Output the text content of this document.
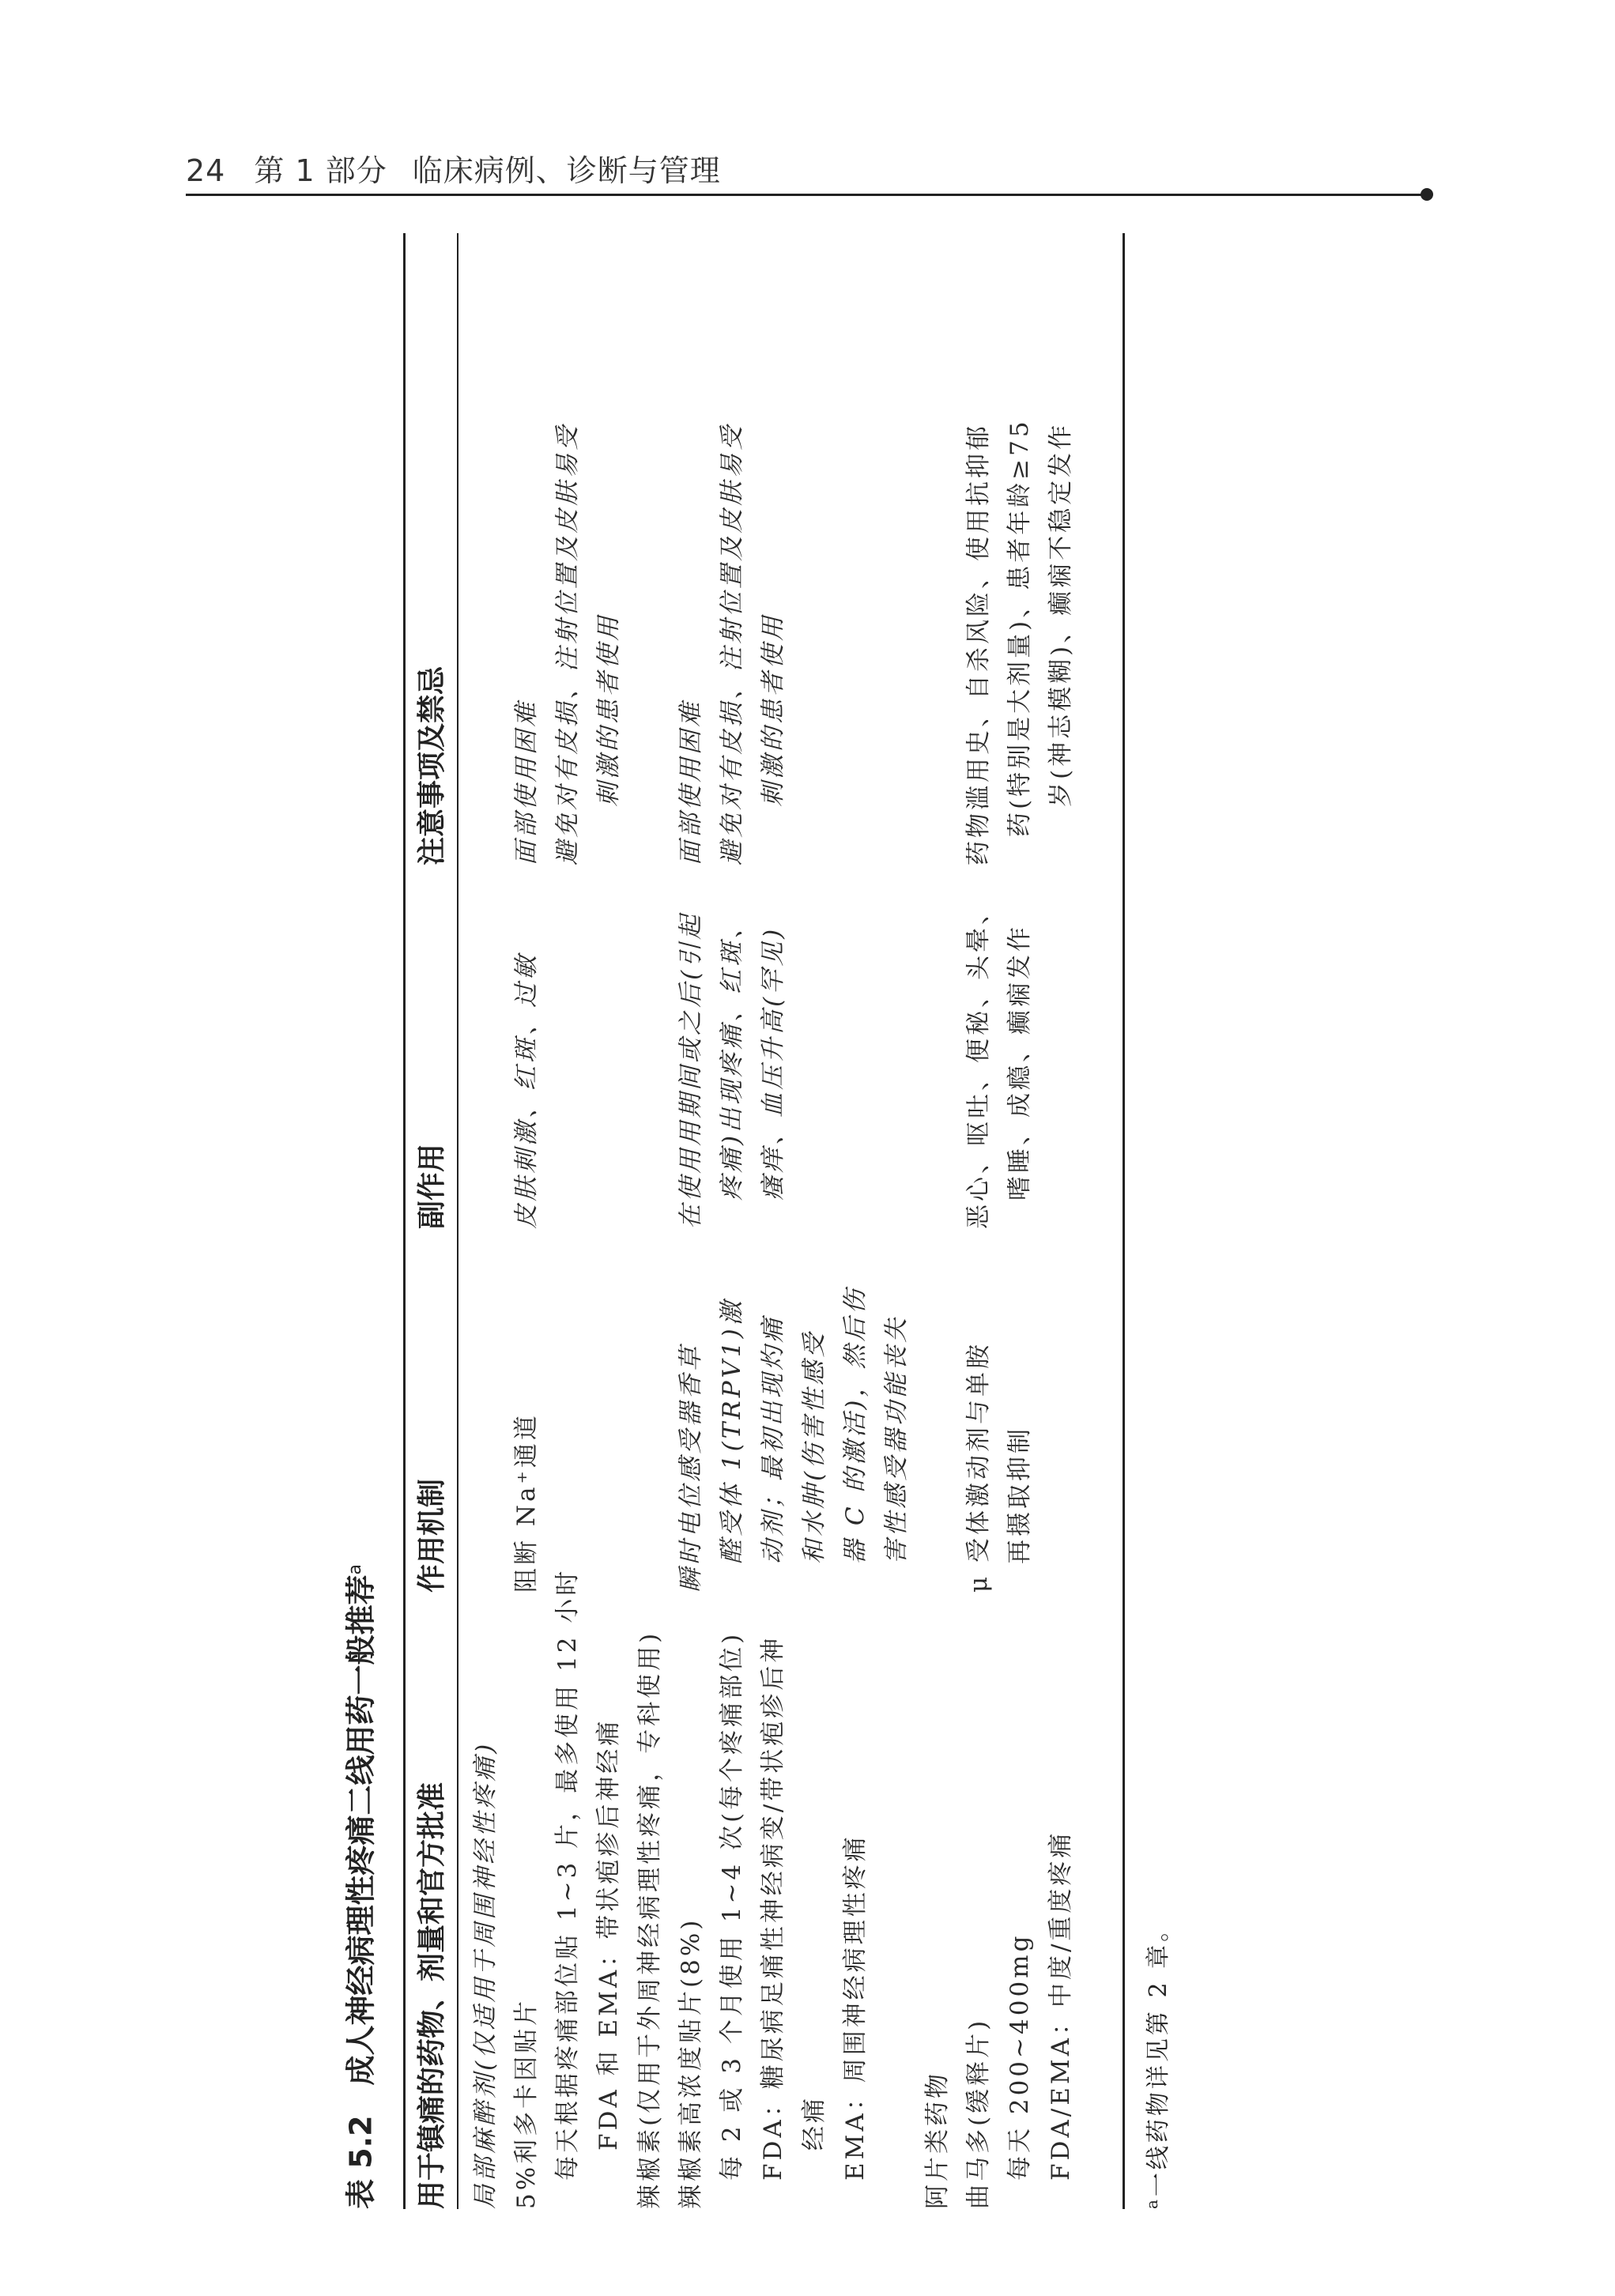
24 第 1 部分 临床病例、诊断与管理
表 5.2　成人神经病理性疼痛二线用药一般推荐$^a$
用于镇痛的药物、剂量和官方批准
作用机制
副作用
注意事项及禁忌
局部麻醉剂(仅适用于周围神经性疼痛) 5%利多卡因贴片 每天根据疼痛部位贴 1~3 片，最多使用 12 小时 FDA 和 EMA：带状疱疹后神经痛
阻断 Na⁺通道
皮肤刺激、红斑、过敏
面部使用困难 避免对有皮损、注射位置及皮肤易受 刺激的患者使用
辣椒素(仅用于外周神经病理性疼痛，专科使用) 辣椒素高浓度贴片(8%) 每 2 或 3 个月使用 1~4 次(每个疼痛部位) FDA：糖尿病足痛性神经病变/带状疱疹后神 经痛 EMA：周围神经病理性疼痛
瞬时电位感受器香草 醛受体 1(TRPV1)激 动剂；最初出现灼痛 和水肿(伤害性感受 器 C 的激活)，然后伤 害性感受器功能丧失
在使用用期间或之后(引起 疼痛)出现疼痛、红斑、 瘙痒、血压升高(罕见)
面部使用困难 避免对有皮损、注射位置及皮肤易受 刺激的患者使用
阿片类药物 曲马多(缓释片) 每天 200~400mg FDA/EMA：中度/重度疼痛
μ 受体激动剂与单胺 再摄取抑制
恶心、呕吐、便秘、头晕、 嗜睡、成瘾、癫痫发作
药物滥用史、自杀风险、使用抗抑郁 药(特别是大剂量)、患者年龄≥75 岁(神志模糊)、癫痫不稳定发作
$^a$一线药物详见第 2 章。
